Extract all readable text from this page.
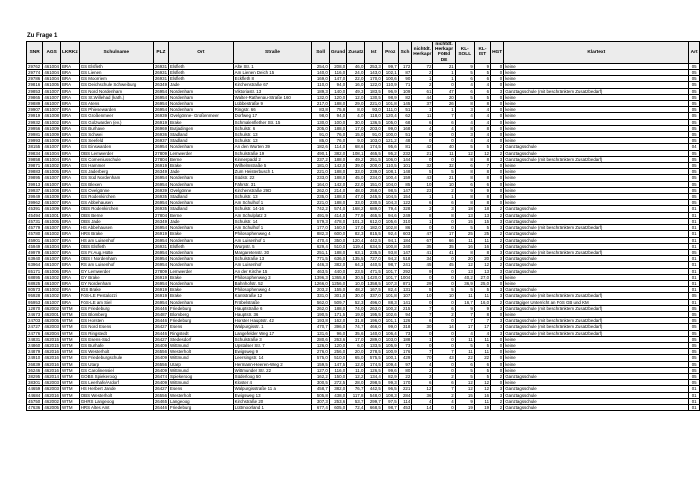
Zu Frage 1
SNR	AGS	LKRKz	Schulname	PLZ	Ort	Straße	Soll	Grund	Zusatz	Ist	Proz	Sch	nichtdt. Herkapr	nichtdt. Herkapr FöBd DE	KL-SOLL	KL-IST	HGT	Klartext	Art
29762	461004	BRA	GS Elsfleth	26931	Elsfleth	Alte Str. 1	254,0	208,0	46,0	253,3	99,7	172	72	21	9	9	0	keine	05
29774	461004	BRA	GS Lienen	26931	Elsfleth	Am Lienen Deich 15	140,0	116,0	24,0	143,0	102,1	87	2	1	5	5	0	keine	05
29786	461004	BRA	GS Moorriem	26931	Elsfleth	Eckfleth 8	169,0	147,0	22,0	170,0	100,6	90	1	1	6	6	0	keine	05
29816	461005	BRA	GS Deichschule Schweiburg	26349	Jade	Kirchenstraße 67	110,0	94,0	16,0	122,0	110,9	71	2	0	4	4	0	keine	05
29853	461007	BRA	GS Nord Nordenham	26954	Nordenham	Viktoriastr. 13	189,3	140,0	49,3	183,5	96,9	109	61	47	6	6	3	Ganztagsschule (mit beschränktem Zusatzbedarf)	05
29865	461007	BRA	GS St.Willehad (kath.)	26954	Nordenham	Walter-Rathenau-Straße 160	132,0	120,0	12,0	130,5	98,9	82	44	20	5	5	0	keine	05
29889	461007	BRA	GS Atens	26954	Nordenham	Lübbestraße 9	217,0	188,0	29,0	221,0	101,8	145	37	26	8	8	0	keine	05
29907	461007	BRA	GS Phiesewarden	26954	Nordenham	Ringstr. 66	83,8	75,8	8,0	93,0	111,0	51	1	1	3	4	0	keine	05
29919	461008	BRA	GS Großenmeer	26939	Ovelgönne- Großenmeer	Dorfweg 17	98,0	94,0	4,0	118,0	120,4	62	11	7	4	4	0	keine	05
29932	461002	BRA	GS Golzwarden (ev.)	26919	Brake	Schmalenflether Str. 15	130,0	100,0	30,0	136,5	105,0	68	6	6	4	4	0	keine	05
29956	461009	BRA	GS Burhave	26969	Butjadingen	Schulstr. 6	205,0	188,0	17,0	203,0	99,0	168	4	4	8	8	0	keine	05
29981	461009	BRA	GS Schwei	26936	Stadland	Schulstr. 13	91,0	76,0	15,0	91,0	100,0	51	0	0	3	4	0	keine	05
29993	461009	BRA	GS Seefeld	26937	Stadland	Schulstr. 13	85,0	76,0	9,0	103,0	121,2	48	0	0	4	4	0	keine	05
38155	461007	BRA	GS Einswarden	26954	Nordenham	An den Wurten 39	182,6	114,0	68,6	174,5	95,6	81	42	40	5	5	2	Ganztagsschule	04
39834	461004	BRA	OBS Lemwerder	27809	Lemwerder	Schulstraße 19	490,1	382,0	108,1	465,5	95,2	232	21	11	12	12	2	Ganztagsschule	05
39858	461004	BRA	GS Comeniusschule	27804	Berne	Kinnerpadd 2	237,2	188,0	49,2	251,5	106,0	144	0	0	8	8	3	Ganztagsschule (mit beschränktem Zusatzbedarf)	05
39871	461002	BRA	GS Hammer	26919	Brake	Wilhelmstraße 5	181,0	142,0	39,0	200,0	110,5	101	32	32	6	7	0	keine	05
39883	461005	BRA	GS Jaderberg	26349	Jade	Zum Heisterbusch 1	221,0	188,0	33,0	239,0	108,1	148	5	5	8	8	0	keine	05
39895	461007	BRA	GS Süd Nordenham	26954	Nordenham	Südstr. 22	233,0	188,0	45,0	234,0	100,4	159	43	21	8	8	0	keine	05
39913	461007	BRA	GS Blexen	26954	Nordenham	Fährstr. 31	164,0	142,0	22,0	151,0	104,0	85	10	10	6	6	0	keine	05
39937	461008	BRA	GS Ovelgönne	26939	Ovelgönne	Kirchenstraße 29D	262,0	214,0	48,0	258,0	98,5	147	23	2	9	9	0	keine	05
39949	461009	BRA	GS Rodenkirchen	26935	Stadland	Schulstr. 13	235,0	188,0	47,0	245,5	104,5	154	1	1	8	8	0	keine	05
39962	461007	BRA	GS Abbehausen	26954	Nordenham	Am Schulhof 1	221,0	188,0	33,0	230,5	104,3	122	6	6	8	8	0	keine	05
45391	461009	BRA	OBS Rodenkirchen	26935	Stadland	Schulstr. 14-16	742,2	574,0	168,2	689,0	79,4	328	3	3	18	18	2	Ganztagsschule	01
45494	461001	BRA	OBS Berne	27804	Berne	Am Schulplatz 3	491,9	414,0	77,9	465,5	94,6	249	8	8	13	13	2	Ganztagsschule	01
45731	461005	BRA	OBS Jade	26349	Jade	Schulstr. 14	579,3	478,0	101,3	612,0	105,6	310	1	0	15	15	3	Ganztagsschule	01
45779	461007	BRA	HS Abbehausen	26954	Nordenham	Am Schulhof 1	177,0	160,0	17,0	182,0	102,8	86	0	0	5	5	3	Ganztagsschule (mit beschränktem Zusatzbedarf)	01
45780	461002	BRA	HRS Brake	26919	Brake	Philosophenweg 4	882,3	600,0	82,3	815,5	92,4	603	47	17	25	25	2	Ganztagsschule	01
45901	461007	BRA	HS am Luisenhof	26954	Nordenham	Am Luisenhof 1	470,4	350,0	120,4	442,5	94,1	184	67	66	11	11	2	Ganztagsschule	01
45949	461004	BRA	OBS Elsfleth	26931	Elsfleth	Wurpstr. 5	629,4	510,0	119,4	634,5	100,8	340	35	35	16	16	3	Ganztagsschule	01
49979	461007	BRA	GS Fr.Aug.Hütte	26954	Nordenham	Margaretenstr. 30	251,1	188,0	63,1	235,5	93,8	147	41	41	8	8	3	Ganztagsschule (mit beschränktem Zusatzbedarf)	05
63940	461007	BRA	OBS I Nordenham	26954	Nordenham	Schulstraße 13	771,5	636,0	135,5	727,0	94,2	518	34	0	20	20	3	Ganztagsschule	01
63964	461007	BRA	RS am Luisenhof	26954	Nordenham	Am Luisenhof	446,3	382,0	64,3	440,5	98,7	241	45	45	12	12	2	Ganztagsschule	01
65171	461006	BRA	GY Lemwerder	27809	Lemwerder	An der Kirche 15	463,5	440,0	23,5	471,5	101,7	292	9	0	13	13	3	Ganztagsschule	01
68895	461002	BRA	GY Brake	26919	Brake	Philosophenweg 3	1396,3	1365,8	30,5	1420,0	101,7	1004	0	0	40,2	27,0	0	keine	01
68925	461007	BRA	GY Nordenham	26954	Nordenham	Bahnhofstr. 52	1266,0	1256,0	10,0	1358,5	107,3	871	29	0	36,9	25,0	0	keine	01
80573	461002	BRA	IGS Brake	26919	Brake	Philosophenweg 4	203,2	155,0	48,2	167,5	82,4	131	5	5	5	5	3	Ganztagsschule	01
95928	461002	BRA	FöS-LE Pestalozzi	26919	Brake	Kantstraße 12	331,0	301,0	30,0	337,0	101,8	107	10	10	11	11	3	Ganztagsschule (mit beschränktem Zusatzbedarf)	05
95953	461007	BRA	FöS-LE am Siel	26954	Nordenham	Fröbelstraße	562,0	509,7	52,3	496,0	88,3	141	0	0	16,7	16,0	2	Ganztägiger Unterricht an FöS GB und KM	01
12870	462002	WTM	GS Friedeburg	26446	Friedeburg	Hauptstraße 6	262,0	188,0	74,0	263,0	100,2	215	7	6	9	9	3	Ganztagsschule (mit beschränktem Zusatzbedarf)	05
24673	462001	WTM	GS Blomberg	26487	Blomberg	Hauptstr. 36	190,5	171,5	19,0	195,5	102,6	94	7	2	7	8	0	keine	05
24703	462005	WTM	GS Horsten	26446	Friedeburg	Horster Hauptstr. 42	193,8	162,0	31,8	196,0	101,1	126	6	0	7	7	3	Ganztagsschule (mit beschränktem Zusatzbedarf)	05
24727	462003	WTM	GS Nord Esens	26427	Esens	Walpurgisstr. 1	470,7	396,0	74,7	466,0	99,0	318	30	14	17	17	3	Ganztagsschule (mit beschränktem Zusatzbedarf)	05
24776	462004	WTM	GS Ringstedt	26446	Ringstedt	Langefelder Weg 17	131,6	96,0	35,6	140,0	106,4	73	0	0	4	4	3	Ganztagsschule (mit beschränktem Zusatzbedarf)	05
24831	462015	WTM	GS Esens-Süd	26427	Stedesdorf	Schulstraße 3	280,6	263,6	17,0	289,0	103,0	188	1	0	11	11	0	keine	05
24860	462015	WTM	GS Burhafe	26409	Wittmund	Upstalser Str. 7	126,0	120,0	6,0	133,5	105,9	73	0	0	5	5	0	keine	05
24879	462016	WTM	GS Westerholt	26556	Westerholt	Ewigsweg 9	276,0	256,0	20,0	278,5	100,9	176	7	7	11	11	0	keine	05
24910	462016	WTM	GS Friedeburgschule	26409	Wittmund	Leersingstr. 14	575,0	510,0	65,0	575,5	100,1	429	70	43	22	22	0	keine	05
26839	462016	WTM	GS Utarp	26556	Utarp	Hermann-Heeren-Weg 2	159,5	147,5	12,0	174,5	109,4	97	4	0	6	6	0	keine	05
36246	462016	WTM	GS Carolinensiel	26409	Wittmund	Wittmunder Str. 22	127,0	116,0	11,0	126,5	99,6	80	2	0	5	5	0	keine	05
38295	462014	WTM	GOBS Spiekeroog	26474	Spiekeroog	Süderloog 50	162,2	150,0	12,2	134,4	82,9	22	3	2	5	5	2	Ganztagsschule	05
38301	462003	WTM	GS Leerhafe/Ardorf	26409	Wittmund	Kloster 4	300,5	272,5	28,0	298,5	99,3	170	6	6	12	12	0	keine	05
44659	462003	WTM	HS Herbert Jande	26427	Esens	Walpurgisstraße 11 a	458,7	382,0	76,7	442,5	96,5	221	12	7	12	12	3	Ganztagsschule	01
44684	462016	WTM	OBS Westerholt	26556	Westerholt	Ewigsweg 13	505,8	438,0	117,8	548,0	108,3	284	36	2	15	16	3	Ganztagsschule	01
45750	462002	WTM	GHRS Langeoog	26465	Langeoog	Kirchstraße 20	307,3	253,6	53,7	299,7	97,5	114	4	4	9	11	2	Ganztagsschule	01
47636	462005	WTM	HRS Altes Amt	26446	Friedeburg	Lüttmoorland 1	677,4	605,0	72,4	668,5	98,7	453	14	0	19	19	2	Ganztagsschule	01
